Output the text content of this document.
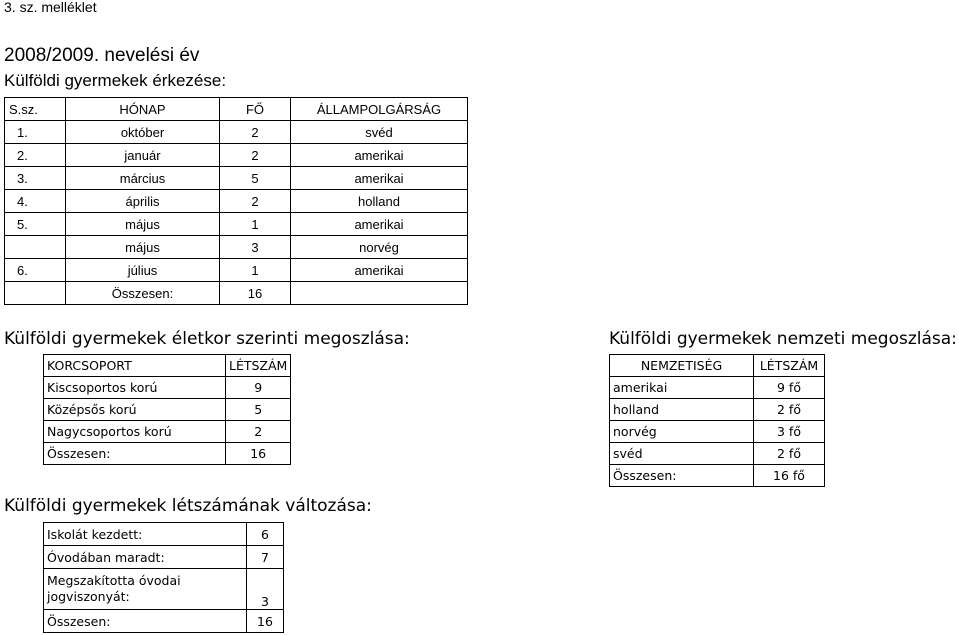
3. sz. melléklet
2008/2009. nevelési év
Külföldi gyermekek érkezése:
S.sz.	HÓNAP	FŐ	ÁLLAMPOLGÁRSÁG
1.	október	2	svéd
2.	január	2	amerikai
3.	március	5	amerikai
4.	április	2	holland
5.	május	1	amerikai
	május	3	norvég
6.	július	1	amerikai
	Összesen:	16	
Külföldi gyermekek életkor szerinti megoszlása:
KORCSOPORT	LÉTSZÁM
Kiscsoportos korú	9
Középsős korú	5
Nagycsoportos korú	2
Összesen:	16
Külföldi gyermekek nemzeti megoszlása:
NEMZETISÉG	LÉTSZÁM
amerikai	9 fő
holland	2 fő
norvég	3 fő
svéd	2 fő
Összesen:	16 fő
Külföldi gyermekek létszámának változása:
Iskolát kezdett:	6
Óvodában maradt:	7
Megszakította óvodai jogviszonyát:	3
Összesen:	16
